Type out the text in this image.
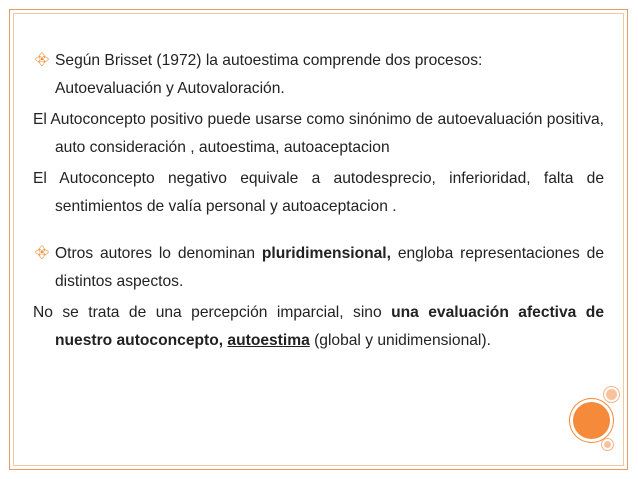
💠︎ Según Brisset (1972) la autoestima comprende dos procesos:
Autoevaluación y Autovaloración.

El Autoconcepto positivo puede usarse como sinónimo de autoevaluación positiva, auto consideración , autoestima, autoaceptacion

El Autoconcepto negativo equivale a autodesprecio, inferioridad, falta de sentimientos de valía personal y autoaceptacion .

💠︎ Otros autores lo denominan pluridimensional, engloba representaciones de distintos aspectos.

No se trata de una percepción imparcial, sino una evaluación afectiva de nuestro autoconcepto, autoestima (global y unidimensional).
